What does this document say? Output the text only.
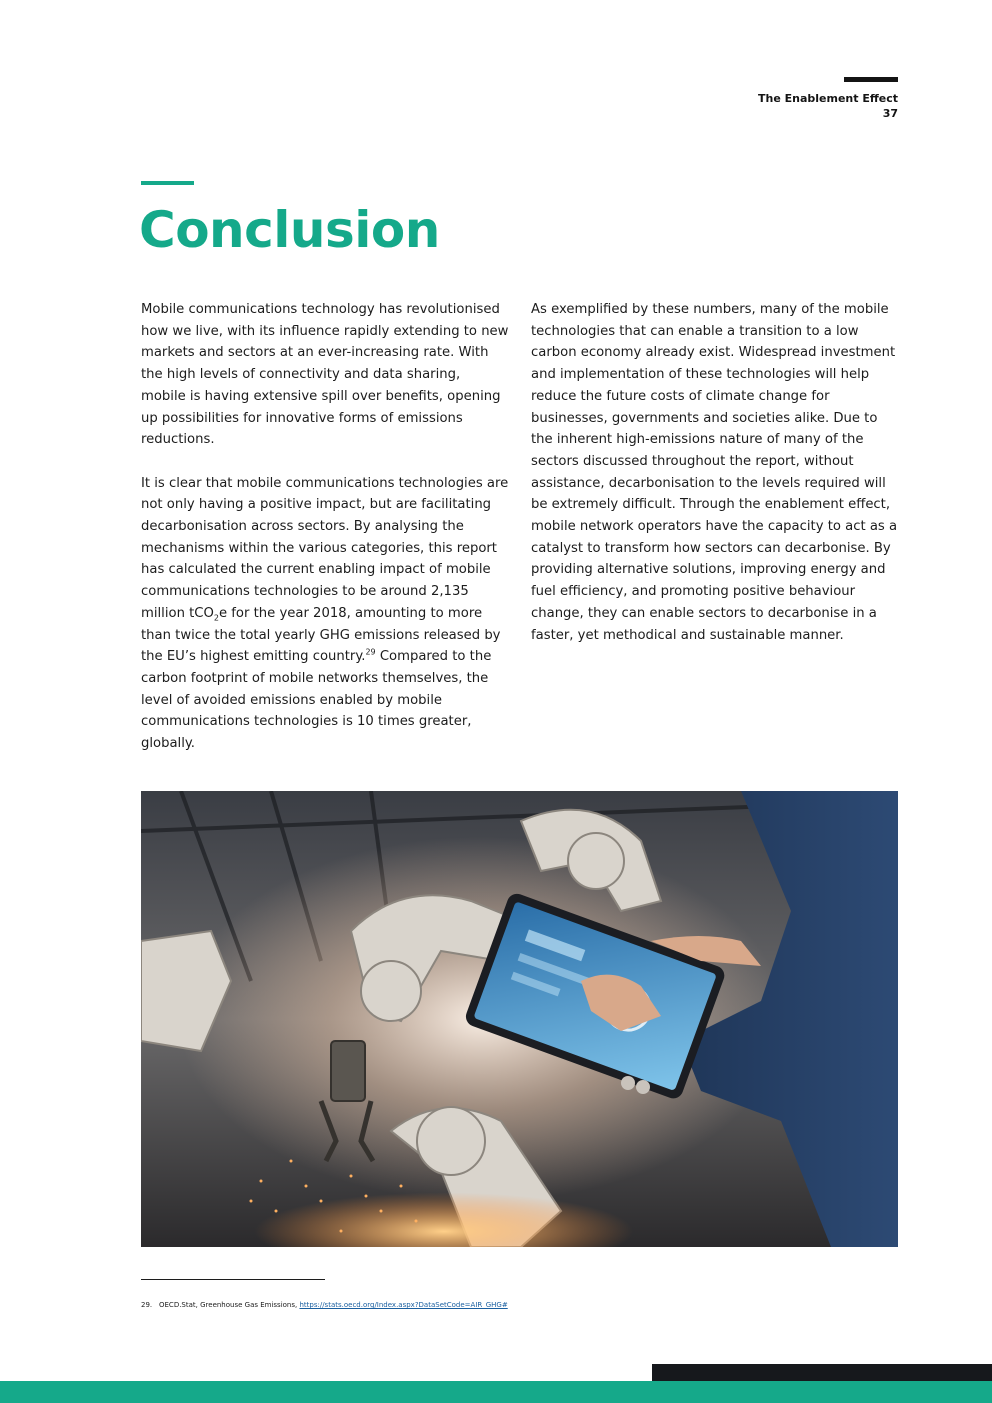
The Enablement Effect
37
Conclusion

Mobile communications technology has revolutionised how we live, with its influence rapidly extending to new markets and sectors at an ever-increasing rate. With the high levels of connectivity and data sharing, mobile is having extensive spill over benefits, opening up possibilities for innovative forms of emissions reductions.

It is clear that mobile communications technologies are not only having a positive impact, but are facilitating decarbonisation across sectors. By analysing the mechanisms within the various categories, this report has calculated the current enabling impact of mobile communications technologies to be around 2,135 million tCO$_2$e for the year 2018, amounting to more than twice the total yearly GHG emissions released by the EU’s highest emitting country.$^{29}$ Compared to the carbon footprint of mobile networks themselves, the level of avoided emissions enabled by mobile communications technologies is 10 times greater, globally.

As exemplified by these numbers, many of the mobile technologies that can enable a transition to a low carbon economy already exist. Widespread investment and implementation of these technologies will help reduce the future costs of climate change for businesses, governments and societies alike. Due to the inherent high-emissions nature of many of the sectors discussed throughout the report, without assistance, decarbonisation to the levels required will be extremely difficult. Through the enablement effect, mobile network operators have the capacity to act as a catalyst to transform how sectors can decarbonise. By providing alternative solutions, improving energy and fuel efficiency, and promoting positive behaviour change, they can enable sectors to decarbonise in a faster, yet methodical and sustainable manner.

29. OECD.Stat, Greenhouse Gas Emissions, https://stats.oecd.org/Index.aspx?DataSetCode=AIR_GHG#
